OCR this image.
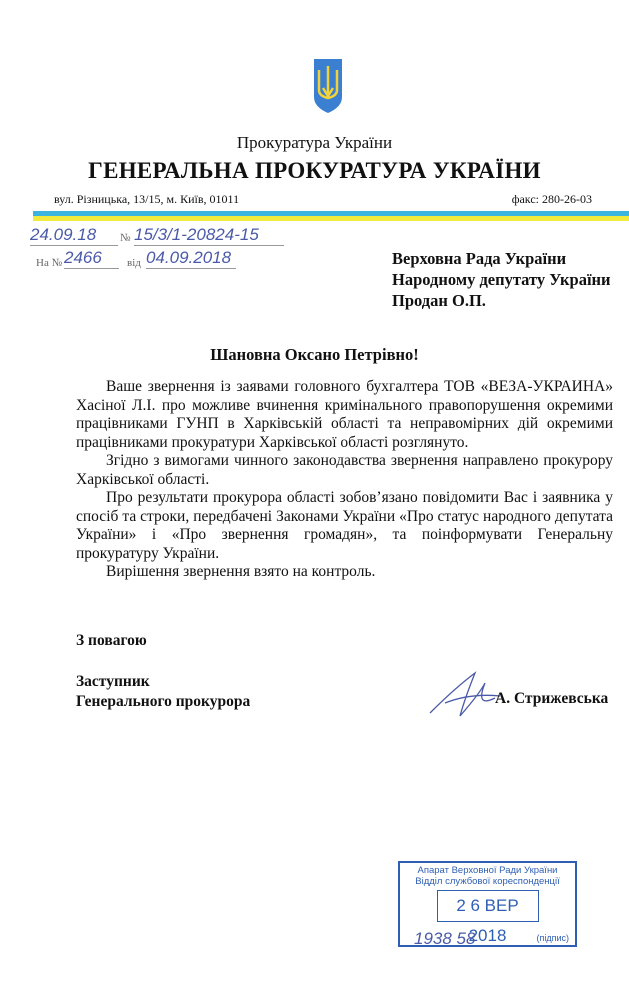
Прокуратура України
ГЕНЕРАЛЬНА ПРОКУРАТУРА УКРАЇНИ
вул. Різницька, 13/15, м. Київ, 01011	факс: 280-26-03
24.09.18	№ 15/3/1-20824-15
На № 2466	від 04.09.2018	Верховна Рада України
Народному депутату України
Продан О.П.
Шановна Оксано Петрівно!
Ваше звернення із заявами головного бухгалтера ТОВ «ВЕЗА-УКРАИНА» Хасіної Л.І. про можливе вчинення кримінального правопорушення окремими працівниками ГУНП в Харківській області та неправомірних дій окремими працівниками прокуратури Харківської області розглянуто.
Згідно з вимогами чинного законодавства звернення направлено прокурору Харківської області.
Про результати прокурора області зобов’язано повідомити Вас і заявника у спосіб та строки, передбачені Законами України «Про статус народного депутата України» і «Про звернення громадян», та поінформувати Генеральну прокуратуру України.
Вирішення звернення взято на контроль.
З повагою
Заступник
Генерального прокурора	А. Стрижевська
Апарат Верховної Ради України
Відділ службової кореспонденції
2 6 ВЕР 2018
1938 58	(підпис)
